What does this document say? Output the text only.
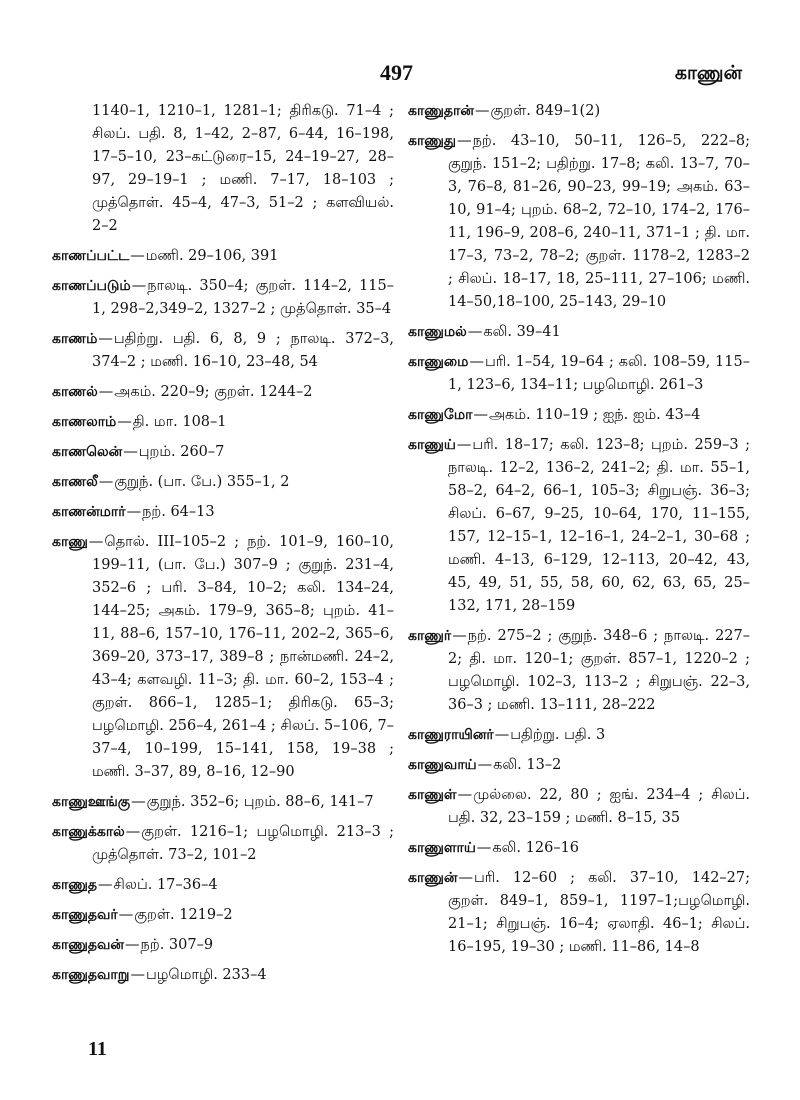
497	காணுன்
1140–1, 1210–1, 1281–1; திரிகடு. 71–4 ; சிலப். பதி. 8, 1–42, 2–87, 6–44, 16–198, 17–5–10, 23–கட்டுரை–15, 24–19–27, 28–97, 29–19–1 ; மணி. 7–17, 18–103 ; முத்தொள். 45–4, 47–3, 51–2 ; களவியல். 2–2
காணப்பட்ட—மணி. 29–106, 391
காணப்படும்—நாலடி. 350–4; குறள். 114–2, 115–1, 298–2,349–2, 1327–2 ; முத்தொள். 35–4
காணம்—பதிற்று. பதி. 6, 8, 9 ; நாலடி. 372–3, 374–2 ; மணி. 16–10, 23–48, 54
காணல்—அகம். 220–9; குறள். 1244–2
காணலாம்—தி. மா. 108–1
காணலென்—புறம். 260–7
காணலீ—குறுந். (பா. பே.) 355–1, 2
காணன்மார்—நற். 64–13
காணு—தொல். III–105–2 ; நற். 101–9, 160–10, 199–11, (பா. பே.) 307–9 ; குறுந். 231–4, 352–6 ; பரி. 3–84, 10–2; கலி. 134–24, 144–25; அகம். 179–9, 365–8; புறம். 41–11, 88–6, 157–10, 176–11, 202–2, 365–6, 369–20, 373–17, 389–8 ; நான்மணி. 24–2, 43–4; களவழி. 11–3; தி. மா. 60–2, 153–4 ; குறள். 866–1, 1285–1; திரிகடு. 65–3; பழமொழி. 256–4, 261–4 ; சிலப். 5–106, 7–37–4, 10–199, 15–141, 158, 19–38 ; மணி. 3–37, 89, 8–16, 12–90
காணுஊங்கு—குறுந். 352–6; புறம். 88–6, 141–7
காணுக்கால்—குறள். 1216–1; பழமொழி. 213–3 ; முத்தொள். 73–2, 101–2
காணுத—சிலப். 17–36–4
காணுதவர்—குறள். 1219–2
காணுதவன்—நற். 307–9
காணுதவாறு—பழமொழி. 233–4
காணுதான்—குறள். 849–1(2)
காணுது—நற். 43–10, 50–11, 126–5, 222–8; குறுந். 151–2; பதிற்று. 17–8; கலி. 13–7, 70–3, 76–8, 81–26, 90–23, 99–19; அகம். 63–10, 91–4; புறம். 68–2, 72–10, 174–2, 176–11, 196–9, 208–6, 240–11, 371–1 ; தி. மா. 17–3, 73–2, 78–2; குறள். 1178–2, 1283–2 ; சிலப். 18–17, 18, 25–111, 27–106; மணி. 14–50,18–100, 25–143, 29–10
காணுமல்—கலி. 39–41
காணுமை—பரி. 1–54, 19–64 ; கலி. 108–59, 115–1, 123–6, 134–11; பழமொழி. 261–3
காணுமோ—அகம். 110–19 ; ஐந். ஐம். 43–4
காணுய்—பரி. 18–17; கலி. 123–8; புறம். 259–3 ; நாலடி. 12–2, 136–2, 241–2; தி. மா. 55–1, 58–2, 64–2, 66–1, 105–3; சிறுபஞ். 36–3; சிலப். 6–67, 9–25, 10–64, 170, 11–155, 157, 12–15–1, 12–16–1, 24–2–1, 30–68 ; மணி. 4–13, 6–129, 12–113, 20–42, 43, 45, 49, 51, 55, 58, 60, 62, 63, 65, 25–132, 171, 28–159
காணுர்—நற். 275–2 ; குறுந். 348–6 ; நாலடி. 227–2; தி. மா. 120–1; குறள். 857–1, 1220–2 ; பழமொழி. 102–3, 113–2 ; சிறுபஞ். 22–3, 36–3 ; மணி. 13–111, 28–222
காணுராயினர்—பதிற்று. பதி. 3
காணுவாய்—கலி. 13–2
காணுள்—முல்லை. 22, 80 ; ஐங். 234–4 ; சிலப். பதி. 32, 23–159 ; மணி. 8–15, 35
காணுளாய்—கலி. 126–16
காணுன்—பரி. 12–60 ; கலி. 37–10, 142–27; குறள். 849–1, 859–1, 1197–1;பழமொழி. 21–1; சிறுபஞ். 16–4; ஏலாதி. 46–1; சிலப். 16–195, 19–30 ; மணி. 11–86, 14–8
11
